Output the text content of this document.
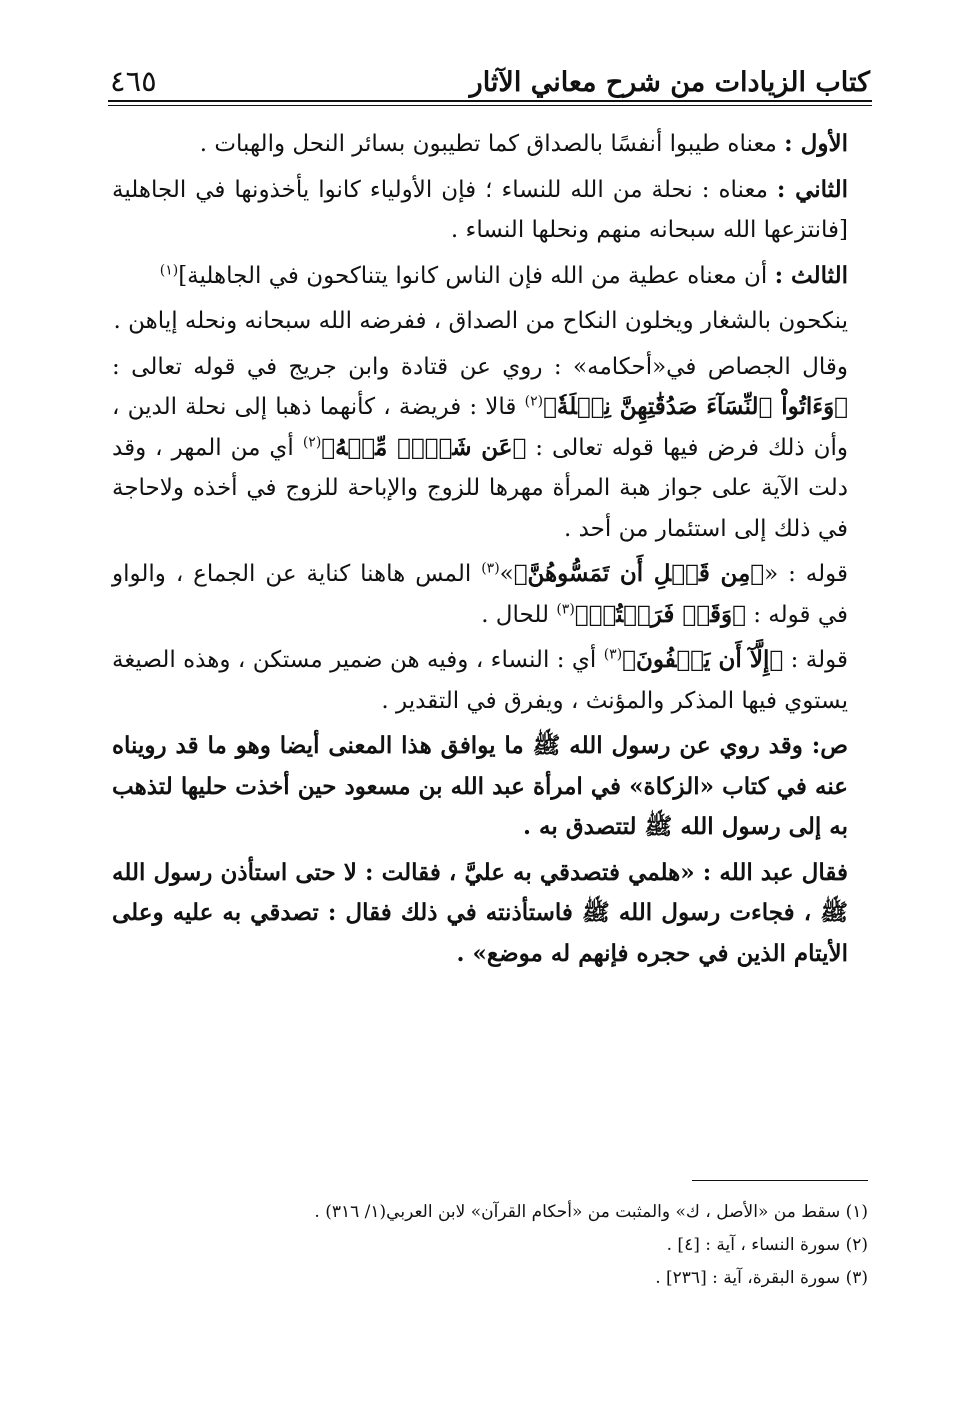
كتاب الزيادات من شرح معاني الآثار
٤٦٥

الأول : معناه طيبوا أنفسًا بالصداق كما تطيبون بسائر النحل والهبات .

الثاني : معناه : نحلة من الله للنساء ؛ فإن الأولياء كانوا يأخذونها في الجاهلية [فانتزعها الله سبحانه منهم ونحلها النساء .

الثالث : أن معناه عطية من الله فإن الناس كانوا يتناكحون في الجاهلية]$^{(١)}$

ينكحون بالشغار ويخلون النكاح من الصداق ، ففرضه الله سبحانه ونحله إياهن .

وقال الجصاص في«أحكامه» : روي عن قتادة وابن جريج في قوله تعالى : ﴿وَءَاتُواْ ٱلنِّسَآءَ صَدُقَٰتِهِنَّ نِحۡلَةٗ﴾$^{(٢)}$ قالا : فريضة ، كأنهما ذهبا إلى نحلة الدين ، وأن ذلك فرض فيها قوله تعالى : ﴿عَن شَيۡءٖ مِّنۡهُ﴾$^{(٢)}$ أي من المهر ، وقد دلت الآية على جواز هبة المرأة مهرها للزوج والإباحة للزوج في أخذه ولاحاجة في ذلك إلى استئمار من أحد .

قوله : «﴿مِن قَبۡلِ أَن تَمَسُّوهُنَّ﴾»$^{(٣)}$ المس هاهنا كناية عن الجماع ، والواو في قوله : ﴿وَقَدۡ فَرَضۡتُمۡ﴾$^{(٣)}$ للحال .

قولة : ﴿إِلَّآ أَن يَعۡفُونَ﴾$^{(٣)}$ أي : النساء ، وفيه هن ضمير مستكن ، وهذه الصيغة يستوي فيها المذكر والمؤنث ، ويفرق في التقدير .

ص: وقد روي عن رسول الله ﷺ ما يوافق هذا المعنى أيضا وهو ما قد رويناه عنه في كتاب «الزكاة» في امرأة عبد الله بن مسعود حين أخذت حليها لتذهب به إلى رسول الله ﷺ لتتصدق به .

فقال عبد الله : «هلمي فتصدقي به عليَّ ، فقالت : لا حتى استأذن رسول الله ﷺ ، فجاءت رسول الله ﷺ فاستأذنته في ذلك فقال : تصدقي به عليه وعلى الأيتام الذين في حجره فإنهم له موضع» .

(١) سقط من «الأصل ، ك» والمثبت من «أحكام القرآن» لابن العربي(١/ ٣١٦) .
(٢) سورة النساء ، آية : [٤] .
(٣) سورة البقرة، آية : [٢٣٦] .
